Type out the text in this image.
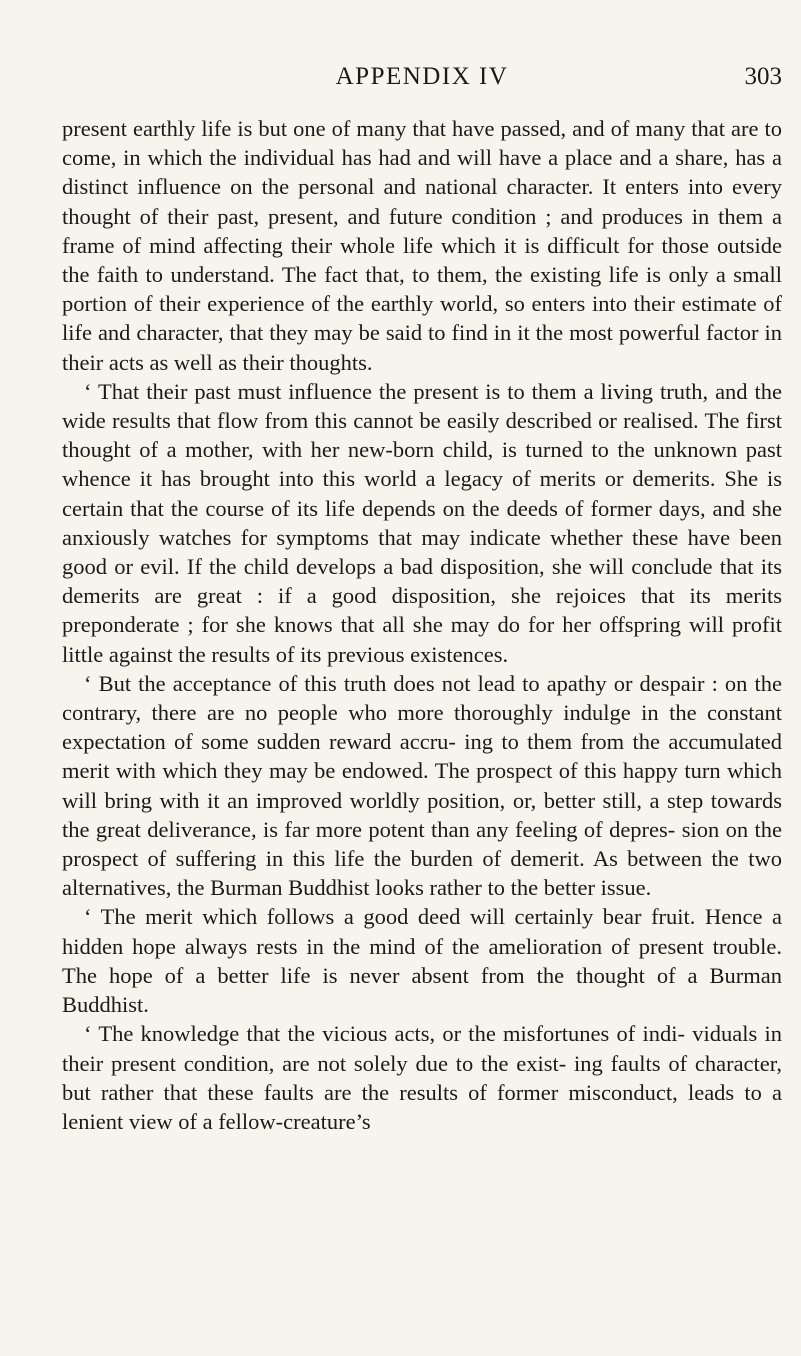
APPENDIX IV	303

present earthly life is but one of many that have passed, and of many that are to come, in which the individual has had and will have a place and a share, has a distinct influence on the personal and national character. It enters into every thought of their past, present, and future condition ; and produces in them a frame of mind affecting their whole life which it is difficult for those outside the faith to understand. The fact that, to them, the existing life is only a small portion of their experience of the earthly world, so enters into their estimate of life and character, that they may be said to find in it the most powerful factor in their acts as well as their thoughts.

‘ That their past must influence the present is to them a living truth, and the wide results that flow from this cannot be easily described or realised. The first thought of a mother, with her new-born child, is turned to the unknown past whence it has brought into this world a legacy of merits or demerits. She is certain that the course of its life depends on the deeds of former days, and she anxiously watches for symptoms that may indicate whether these have been good or evil. If the child develops a bad disposition, she will conclude that its demerits are great : if a good disposition, she rejoices that its merits preponderate ; for she knows that all she may do for her offspring will profit little against the results of its previous existences.

‘ But the acceptance of this truth does not lead to apathy or despair : on the contrary, there are no people who more thoroughly indulge in the constant expectation of some sudden reward accru- ing to them from the accumulated merit with which they may be endowed. The prospect of this happy turn which will bring with it an improved worldly position, or, better still, a step towards the great deliverance, is far more potent than any feeling of depres- sion on the prospect of suffering in this life the burden of demerit. As between the two alternatives, the Burman Buddhist looks rather to the better issue.

‘ The merit which follows a good deed will certainly bear fruit. Hence a hidden hope always rests in the mind of the amelioration of present trouble. The hope of a better life is never absent from the thought of a Burman Buddhist.

‘ The knowledge that the vicious acts, or the misfortunes of indi- viduals in their present condition, are not solely due to the exist- ing faults of character, but rather that these faults are the results of former misconduct, leads to a lenient view of a fellow-creature’s
